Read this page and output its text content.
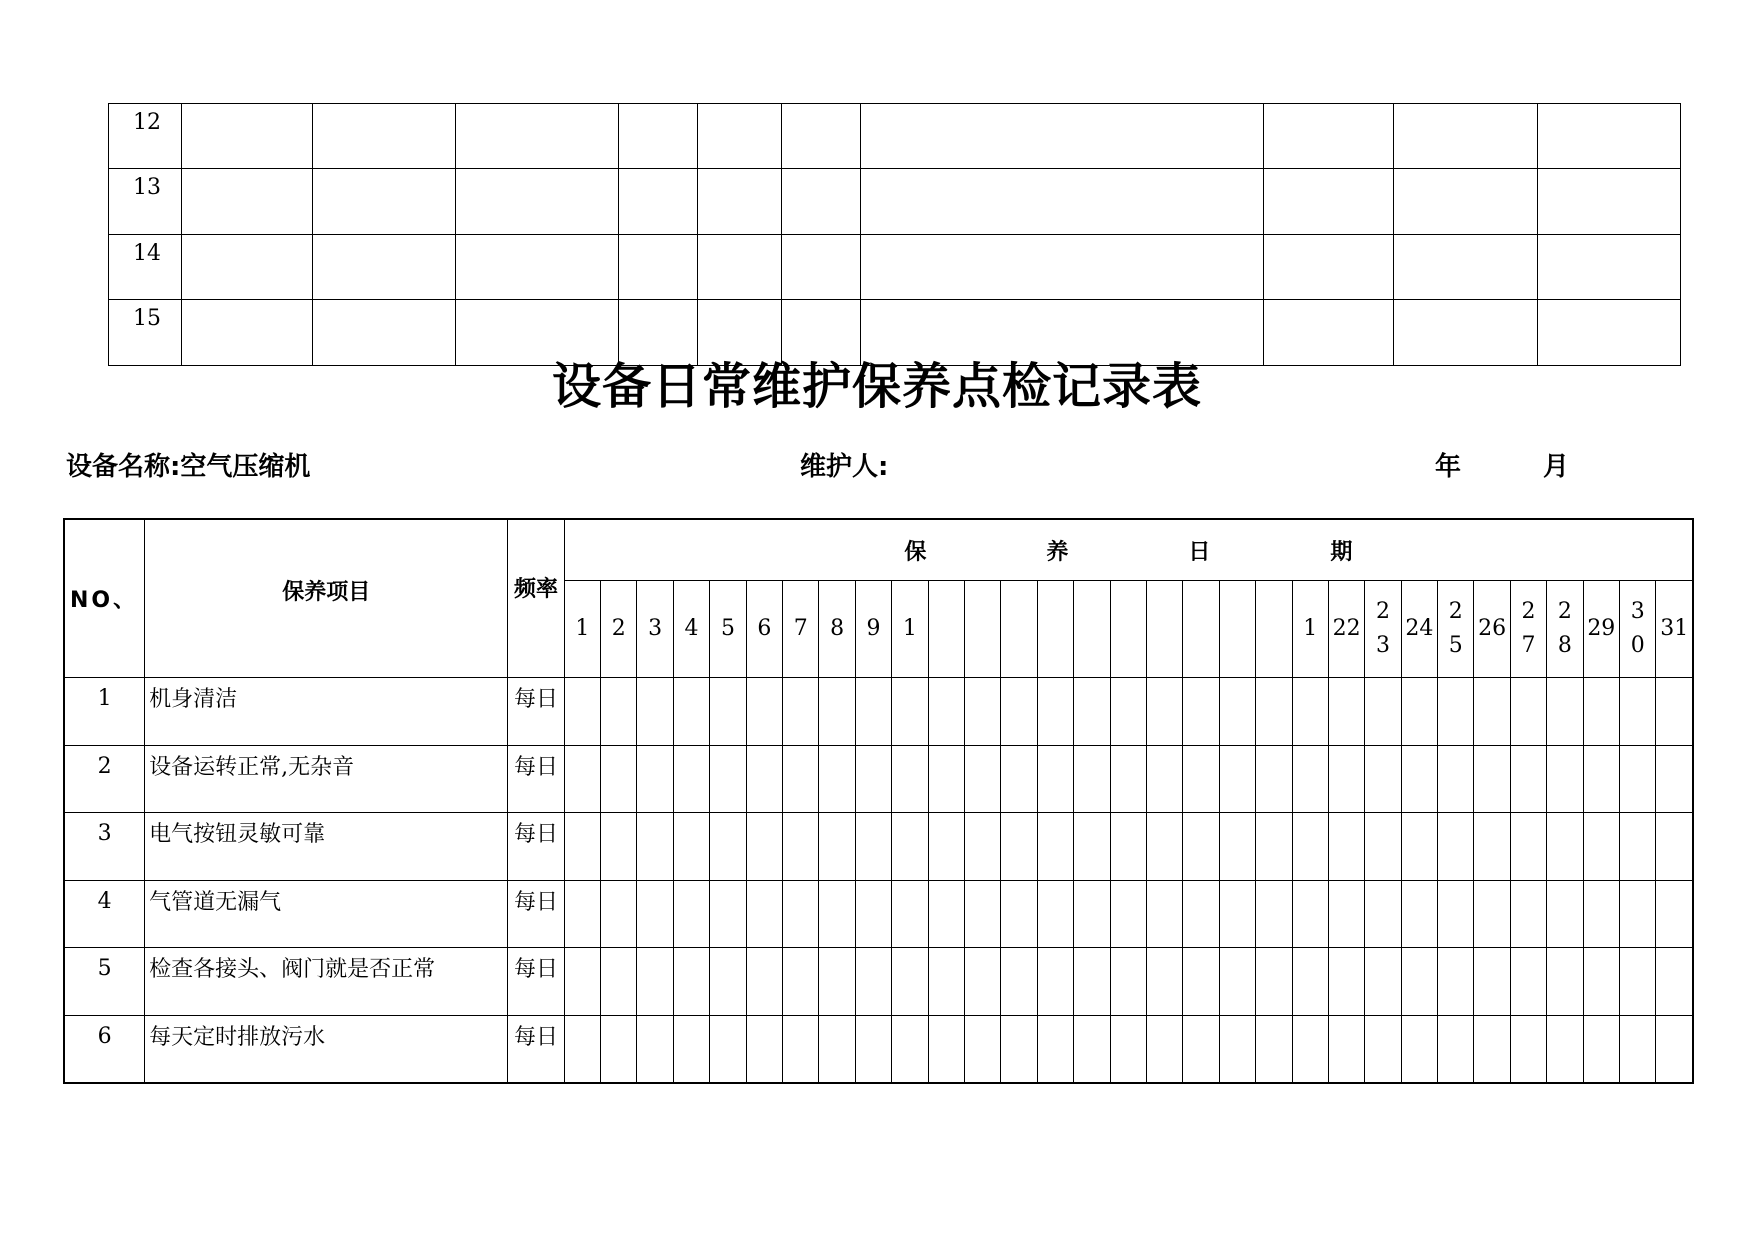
12										
13										
14										
15										
设备日常维护保养点检记录表
设备名称:空气压缩机	维护人:	年	月
NO、	保养项目	频率	保 养 日 期																														
			1	2	3	4	5	6	7	8	9	1											1	22	23	24	25	26	27	28	29	30	31
1	机身清洁	每日																															
2	设备运转正常,无杂音	每日																															
3	电气按钮灵敏可靠	每日																															
4	气管道无漏气	每日																															
5	检查各接头、阀门就是否正常	每日																															
6	每天定时排放污水	每日																															
